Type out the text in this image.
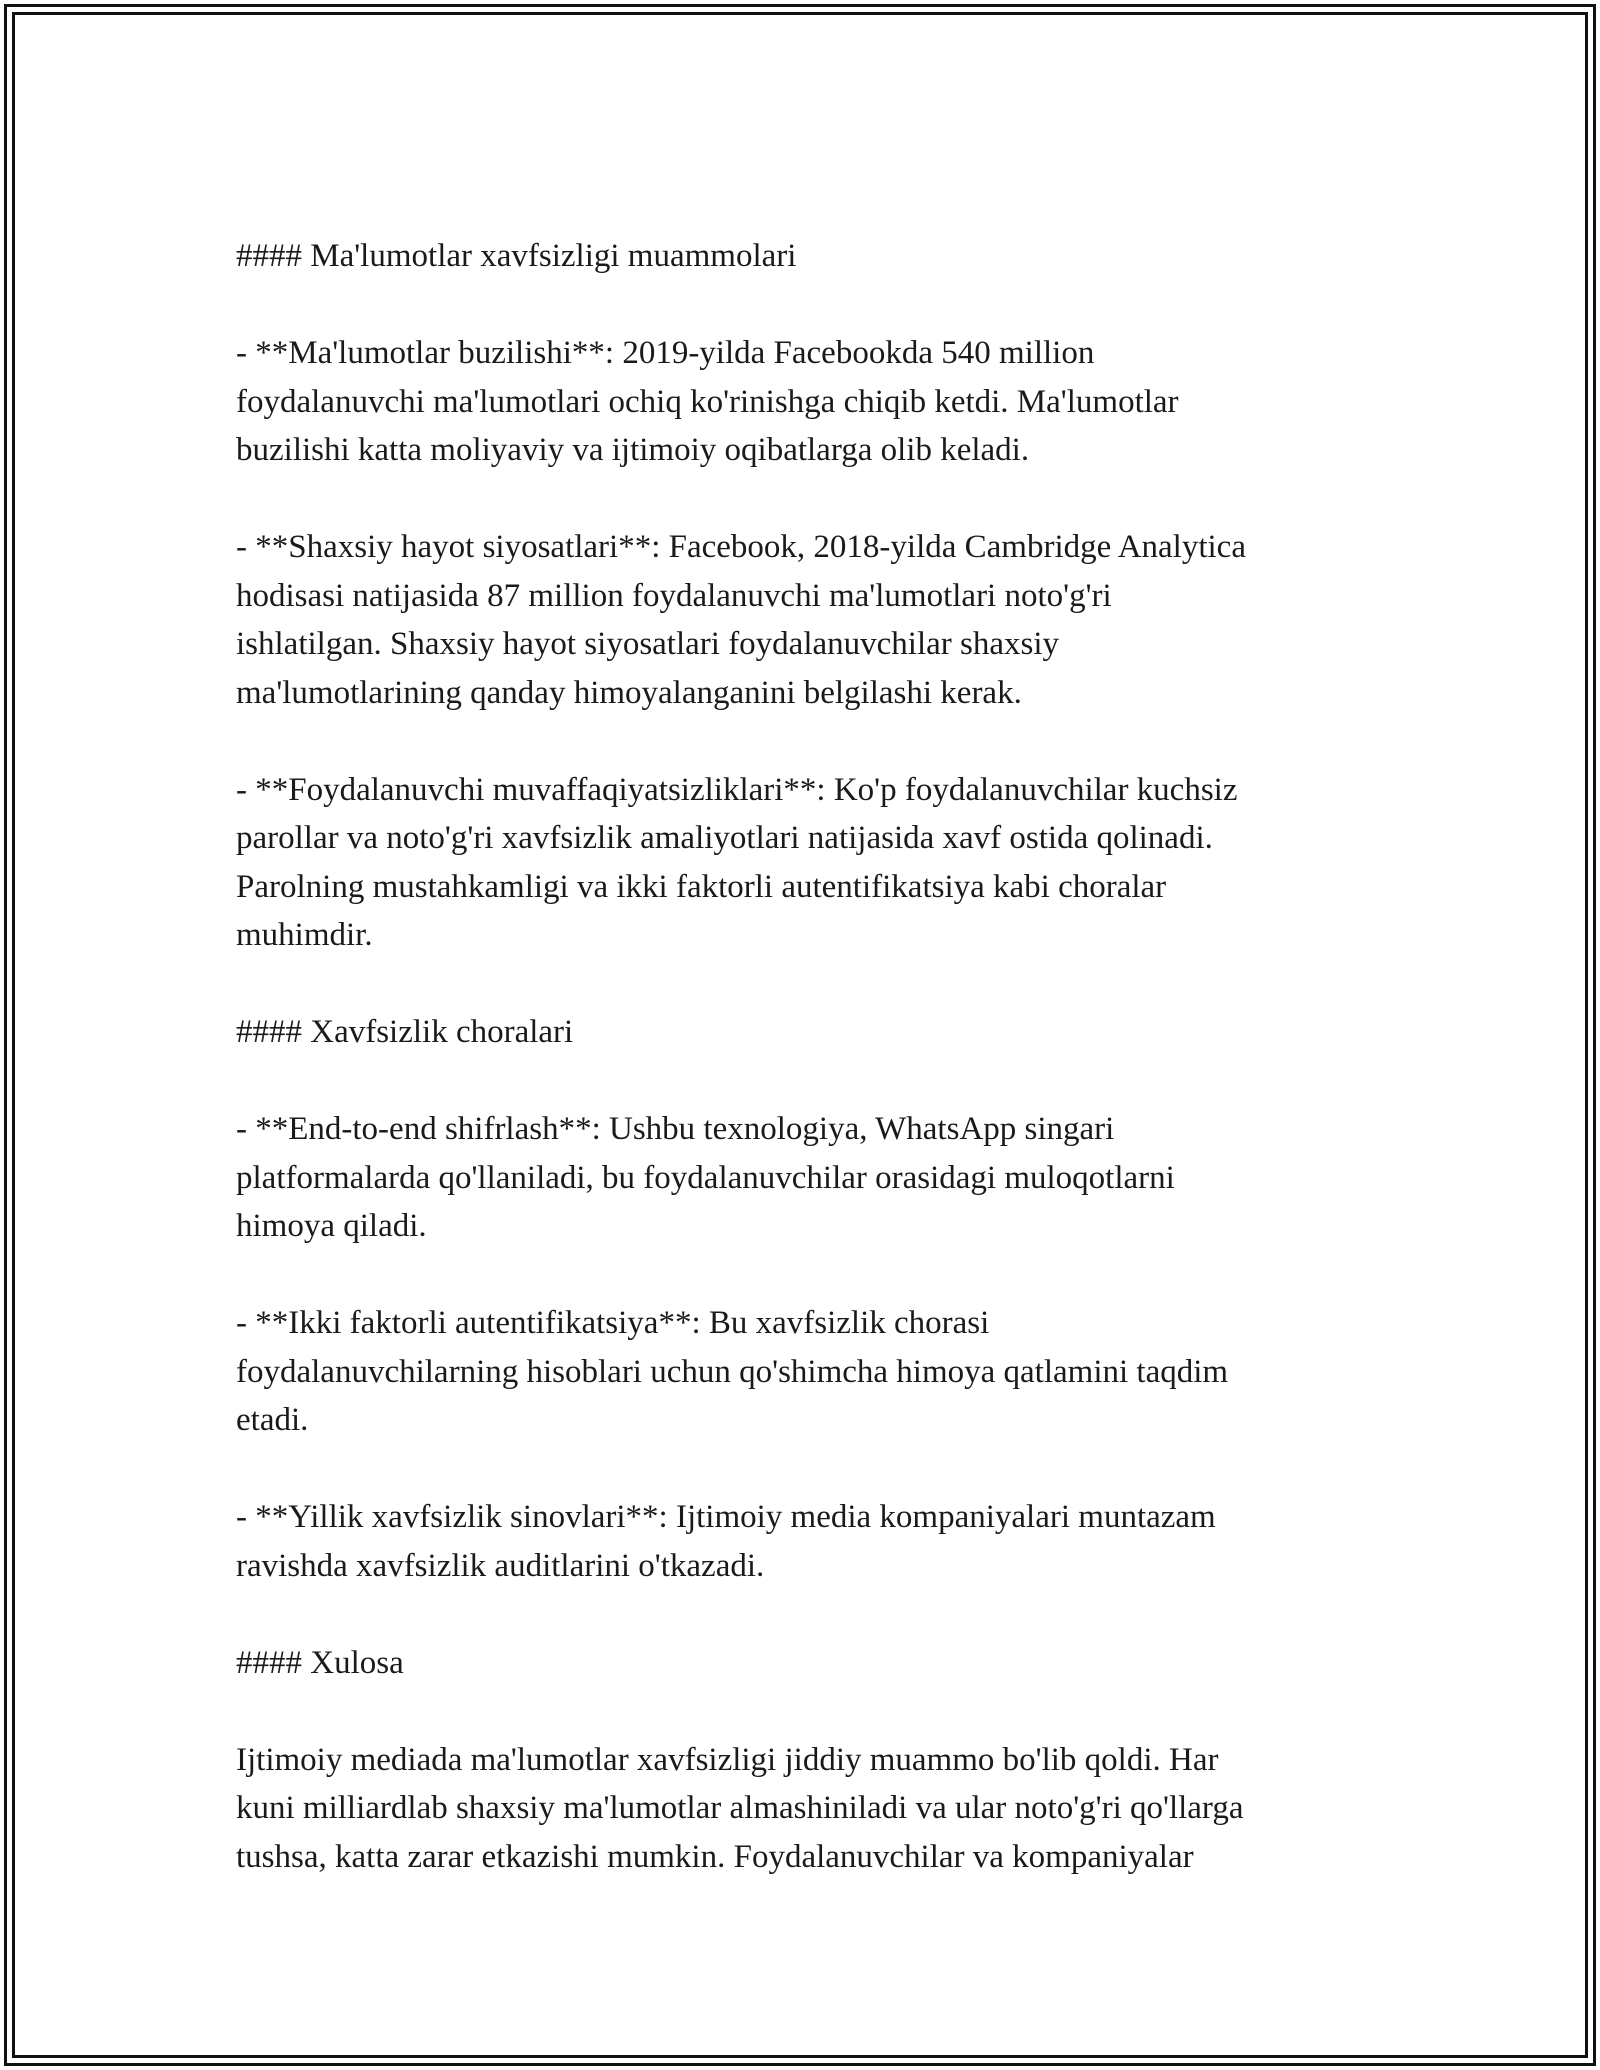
#### Ma'lumotlar xavfsizligi muammolari

- **Ma'lumotlar buzilishi**: 2019-yilda Facebookda 540 million
foydalanuvchi ma'lumotlari ochiq ko'rinishga chiqib ketdi. Ma'lumotlar
buzilishi katta moliyaviy va ijtimoiy oqibatlarga olib keladi.

- **Shaxsiy hayot siyosatlari**: Facebook, 2018-yilda Cambridge Analytica
hodisasi natijasida 87 million foydalanuvchi ma'lumotlari noto'g'ri
ishlatilgan. Shaxsiy hayot siyosatlari foydalanuvchilar shaxsiy
ma'lumotlarining qanday himoyalanganini belgilashi kerak.

- **Foydalanuvchi muvaffaqiyatsizliklari**: Ko'p foydalanuvchilar kuchsiz
parollar va noto'g'ri xavfsizlik amaliyotlari natijasida xavf ostida qolinadi.
Parolning mustahkamligi va ikki faktorli autentifikatsiya kabi choralar
muhimdir.

#### Xavfsizlik choralari

- **End-to-end shifrlash**: Ushbu texnologiya, WhatsApp singari
platformalarda qo'llaniladi, bu foydalanuvchilar orasidagi muloqotlarni
himoya qiladi.

- **Ikki faktorli autentifikatsiya**: Bu xavfsizlik chorasi
foydalanuvchilarning hisoblari uchun qo'shimcha himoya qatlamini taqdim
etadi.

- **Yillik xavfsizlik sinovlari**: Ijtimoiy media kompaniyalari muntazam
ravishda xavfsizlik auditlarini o'tkazadi.

#### Xulosa

Ijtimoiy mediada ma'lumotlar xavfsizligi jiddiy muammo bo'lib qoldi. Har
kuni milliardlab shaxsiy ma'lumotlar almashiniladi va ular noto'g'ri qo'llarga
tushsa, katta zarar etkazishi mumkin. Foydalanuvchilar va kompaniyalar
